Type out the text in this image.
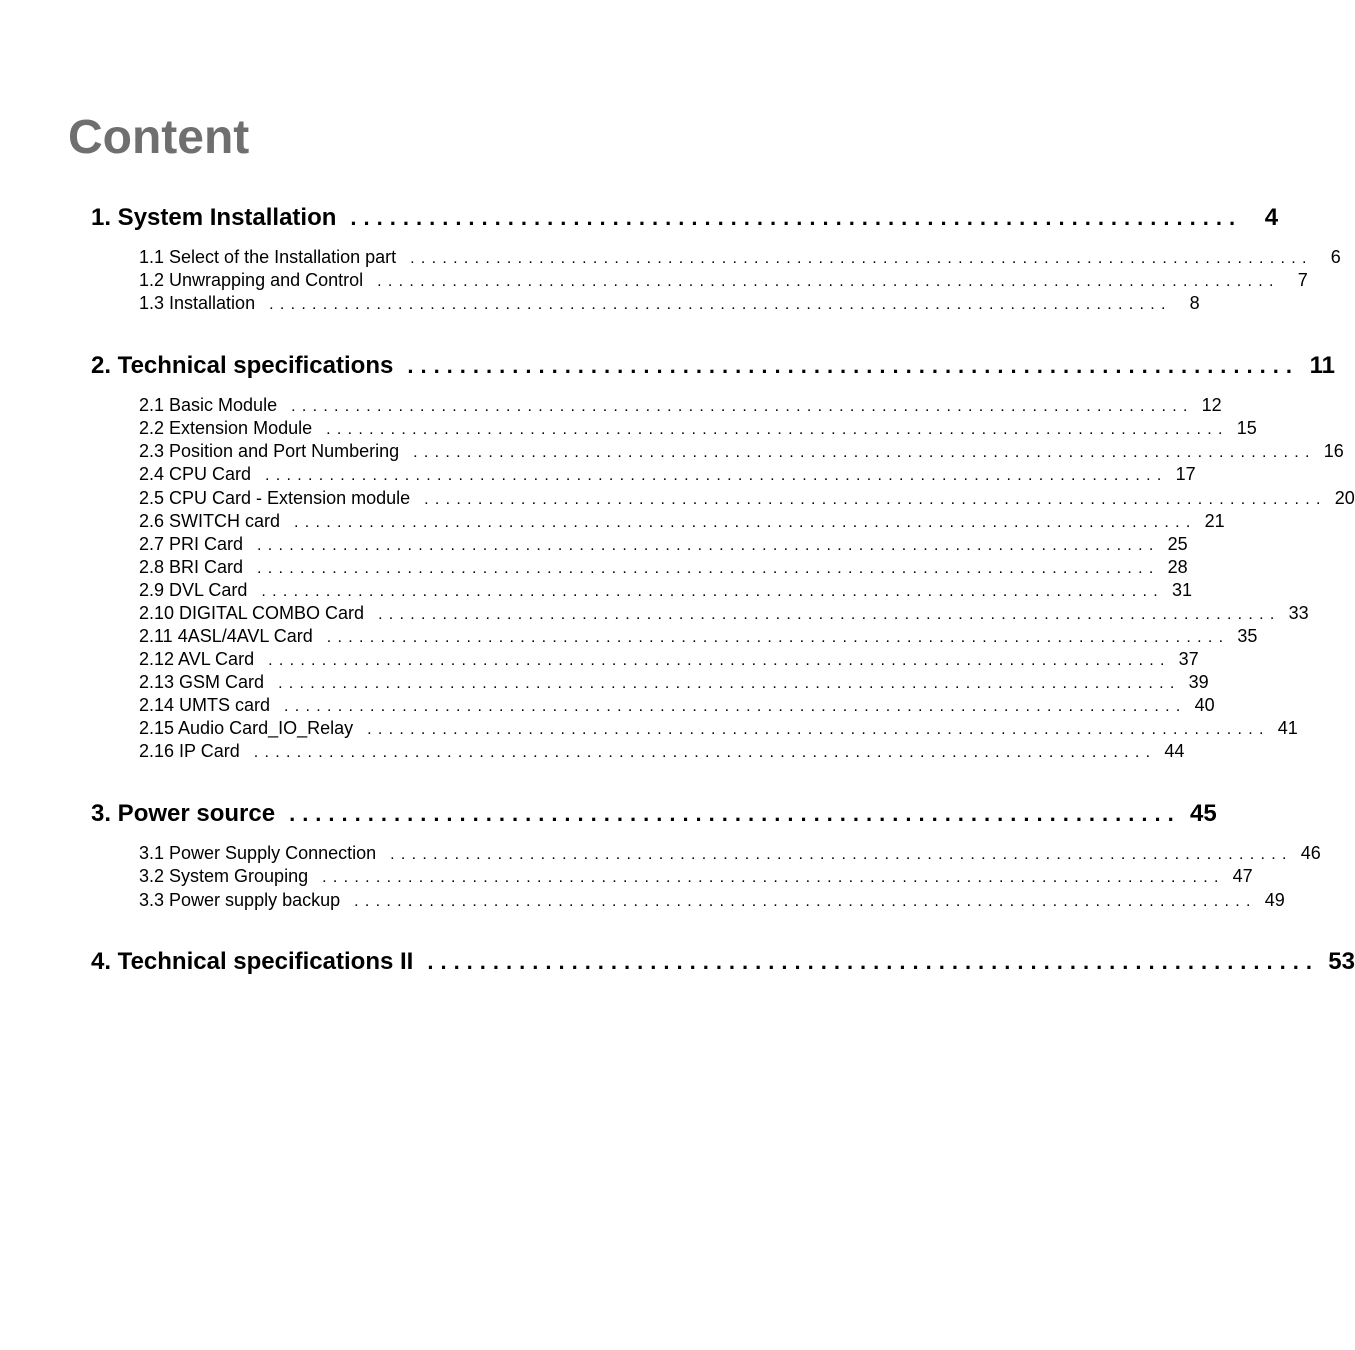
Content
1. System Installation .................................................................... 4
1.1 Select of the Installation part .................................................................................... 6
1.2 Unwrapping and Control .................................................................................... 7
1.3 Installation .................................................................................... 8
2. Technical specifications .................................................................... 11
2.1 Basic Module .................................................................................... 12
2.2 Extension Module .................................................................................... 15
2.3 Position and Port Numbering .................................................................................... 16
2.4 CPU Card .................................................................................... 17
2.5 CPU Card - Extension module .................................................................................... 20
2.6 SWITCH card .................................................................................... 21
2.7 PRI Card .................................................................................... 25
2.8 BRI Card .................................................................................... 28
2.9 DVL Card .................................................................................... 31
2.10 DIGITAL COMBO Card .................................................................................... 33
2.11 4ASL/4AVL Card .................................................................................... 35
2.12 AVL Card .................................................................................... 37
2.13 GSM Card .................................................................................... 39
2.14 UMTS card .................................................................................... 40
2.15 Audio Card_IO_Relay .................................................................................... 41
2.16 IP Card .................................................................................... 44
3. Power source .................................................................... 45
3.1 Power Supply Connection .................................................................................... 46
3.2 System Grouping .................................................................................... 47
3.3 Power supply backup .................................................................................... 49
4. Technical specifications II .................................................................... 53
